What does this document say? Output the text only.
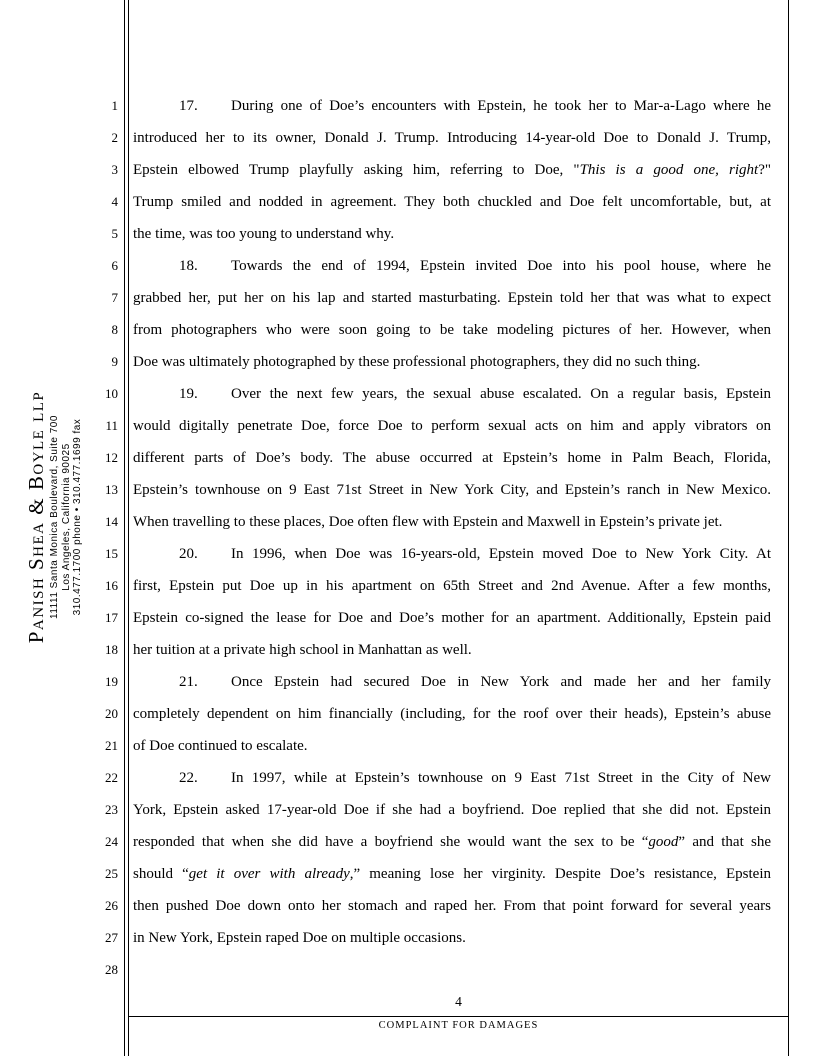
Panish Shea & Boyle llp 11111 Santa Monica Boulevard, Suite 700 Los Angeles, California 90025 310.477.1700 phone • 310.477.1699 fax
1	17. During one of Doe’s encounters with Epstein, he took her to Mar-a-Lago where he
2 introduced her to its owner, Donald J. Trump. Introducing 14-year-old Doe to Donald J. Trump,
3 Epstein elbowed Trump playfully asking him, referring to Doe, "This is a good one, right?"
4 Trump smiled and nodded in agreement. They both chuckled and Doe felt uncomfortable, but, at
5 the time, was too young to understand why.
6	18. Towards the end of 1994, Epstein invited Doe into his pool house, where he
7 grabbed her, put her on his lap and started masturbating. Epstein told her that was what to expect
8 from photographers who were soon going to be take modeling pictures of her. However, when
9 Doe was ultimately photographed by these professional photographers, they did no such thing.
10	19. Over the next few years, the sexual abuse escalated. On a regular basis, Epstein
11 would digitally penetrate Doe, force Doe to perform sexual acts on him and apply vibrators on
12 different parts of Doe’s body. The abuse occurred at Epstein’s home in Palm Beach, Florida,
13 Epstein’s townhouse on 9 East 71st Street in New York City, and Epstein’s ranch in New Mexico.
14 When travelling to these places, Doe often flew with Epstein and Maxwell in Epstein’s private jet.
15	20. In 1996, when Doe was 16-years-old, Epstein moved Doe to New York City. At
16 first, Epstein put Doe up in his apartment on 65th Street and 2nd Avenue. After a few months,
17 Epstein co-signed the lease for Doe and Doe’s mother for an apartment. Additionally, Epstein paid
18 her tuition at a private high school in Manhattan as well.
19	21. Once Epstein had secured Doe in New York and made her and her family
20 completely dependent on him financially (including, for the roof over their heads), Epstein’s abuse
21 of Doe continued to escalate.
22	22. In 1997, while at Epstein’s townhouse on 9 East 71st Street in the City of New
23 York, Epstein asked 17-year-old Doe if she had a boyfriend. Doe replied that she did not. Epstein
24 responded that when she did have a boyfriend she would want the sex to be “good” and that she
25 should “get it over with already,” meaning lose her virginity. Despite Doe’s resistance, Epstein
26 then pushed Doe down onto her stomach and raped her. From that point forward for several years
27 in New York, Epstein raped Doe on multiple occasions.
28
4
COMPLAINT FOR DAMAGES
